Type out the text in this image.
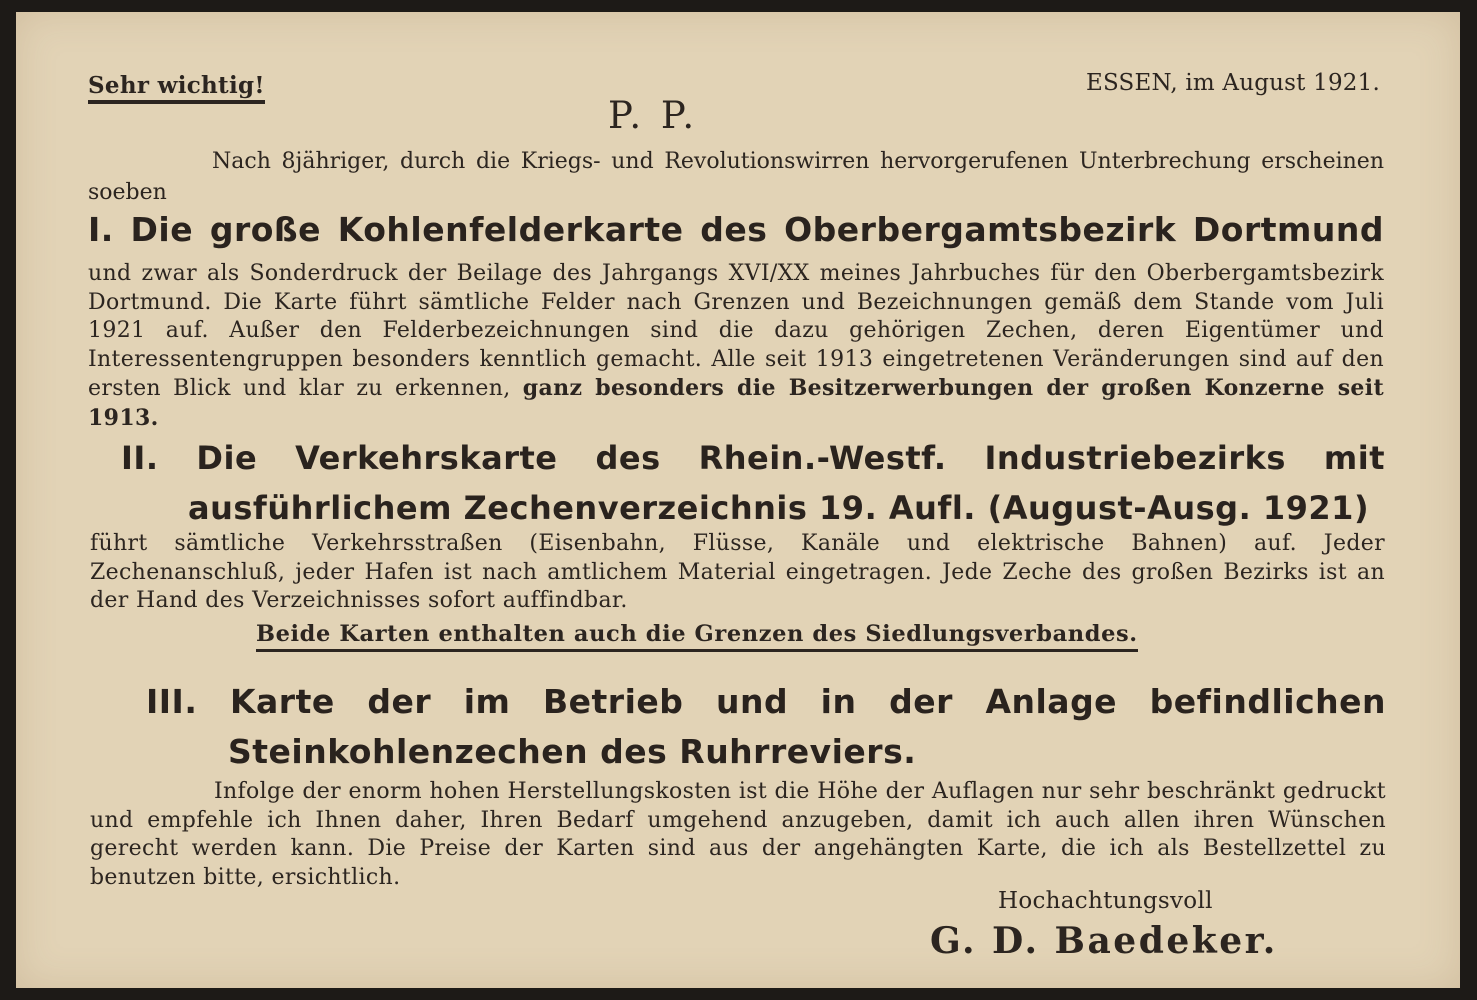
Sehr wichtig!	ESSEN, im August 1921.

P. P.

Nach 8jähriger, durch die Kriegs- und Revolutionswirren hervorgerufenen Unterbrechung erscheinen soeben

I. Die große Kohlenfelderkarte des Oberbergamtsbezirk Dortmund

und zwar als Sonderdruck der Beilage des Jahrgangs XVI/XX meines Jahrbuches für den Oberbergamtsbezirk Dortmund. Die Karte führt sämtliche Felder nach Grenzen und Bezeichnungen gemäß dem Stande vom Juli 1921 auf. Außer den Felderbezeichnungen sind die dazu gehörigen Zechen, deren Eigentümer und Interessentengruppen besonders kenntlich gemacht. Alle seit 1913 eingetretenen Veränderungen sind auf den ersten Blick und klar zu erkennen, ganz besonders die Besitzerwerbungen der großen Konzerne seit 1913.

II. Die Verkehrskarte des Rhein.-Westf. Industriebezirks mit
ausführlichem Zechenverzeichnis 19. Aufl. (August-Ausg. 1921)

führt sämtliche Verkehrsstraßen (Eisenbahn, Flüsse, Kanäle und elektrische Bahnen) auf. Jeder Zechenanschluß, jeder Hafen ist nach amtlichem Material eingetragen. Jede Zeche des großen Bezirks ist an der Hand des Verzeichnisses sofort auffindbar.

Beide Karten enthalten auch die Grenzen des Siedlungsverbandes.

III. Karte der im Betrieb und in der Anlage befindlichen
Steinkohlenzechen des Ruhrreviers.

Infolge der enorm hohen Herstellungskosten ist die Höhe der Auflagen nur sehr beschränkt gedruckt und empfehle ich Ihnen daher, Ihren Bedarf umgehend anzugeben, damit ich auch allen ihren Wünschen gerecht werden kann. Die Preise der Karten sind aus der angehängten Karte, die ich als Bestellzettel zu benutzen bitte, ersichtlich.

Hochachtungsvoll

G. D. Baedeker.
